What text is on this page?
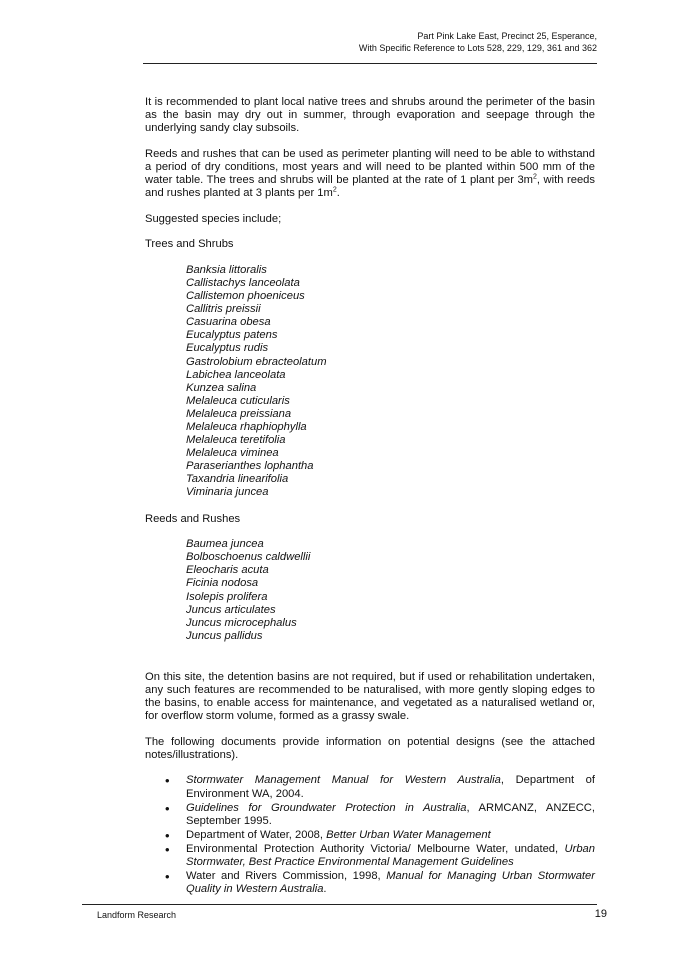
Part Pink Lake East, Precinct 25, Esperance,
With Specific Reference to Lots 528, 229, 129, 361 and 362

It is recommended to plant local native trees and shrubs around the perimeter of the basin as the basin may dry out in summer, through evaporation and seepage through the underlying sandy clay subsoils.

Reeds and rushes that can be used as perimeter planting will need to be able to withstand a period of dry conditions, most years and will need to be planted within 500 mm of the water table. The trees and shrubs will be planted at the rate of 1 plant per $3m^2$, with reeds and rushes planted at 3 plants per $1m^2$.

Suggested species include;
Trees and Shrubs
Banksia littoralis
Callistachys lanceolata
Callistemon phoeniceus
Callitris preissii
Casuarina obesa
Eucalyptus patens
Eucalyptus rudis
Gastrolobium ebracteolatum
Labichea lanceolata
Kunzea salina
Melaleuca cuticularis
Melaleuca preissiana
Melaleuca rhaphiophylla
Melaleuca teretifolia
Melaleuca viminea
Paraserianthes lophantha
Taxandria linearifolia
Viminaria juncea
Reeds and Rushes
Baumea juncea
Bolboschoenus caldwellii
Eleocharis acuta
Ficinia nodosa
Isolepis prolifera
Juncus articulates
Juncus microcephalus
Juncus pallidus

On this site, the detention basins are not required, but if used or rehabilitation undertaken, any such features are recommended to be naturalised, with more gently sloping edges to the basins, to enable access for maintenance, and vegetated as a naturalised wetland or, for overflow storm volume, formed as a grassy swale.

The following documents provide information on potential designs (see the attached notes/illustrations).

• Stormwater Management Manual for Western Australia, Department of Environment WA, 2004.
• Guidelines for Groundwater Protection in Australia, ARMCANZ, ANZECC, September 1995.
• Department of Water, 2008, Better Urban Water Management
• Environmental Protection Authority Victoria/ Melbourne Water, undated, Urban Stormwater, Best Practice Environmental Management Guidelines
• Water and Rivers Commission, 1998, Manual for Managing Urban Stormwater Quality in Western Australia.
Landform Research	19
